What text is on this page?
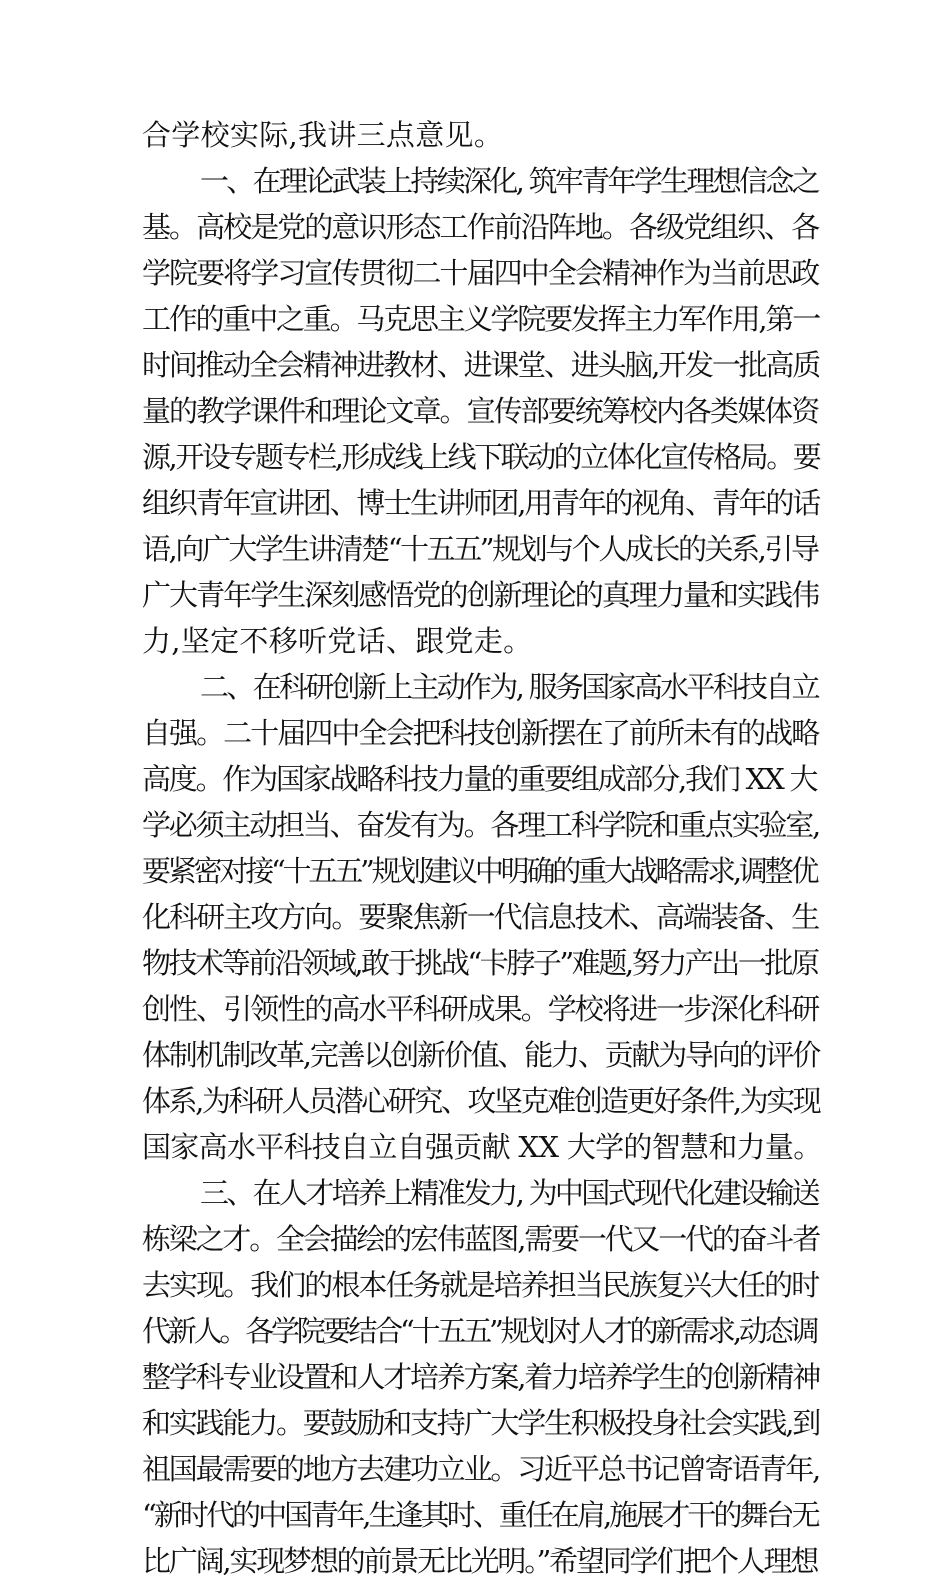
合学校实际,我讲三点意见。
一、在理论武装上持续深化, 筑牢青年学生理想信念之
基。高校是党的意识形态工作前沿阵地。各级党组织、各
学院要将学习宣传贯彻二十届四中全会精神作为当前思政
工作的重中之重。马克思主义学院要发挥主力军作用,第一
时间推动全会精神进教材、进课堂、进头脑,开发一批高质
量的教学课件和理论文章。宣传部要统筹校内各类媒体资
源,开设专题专栏,形成线上线下联动的立体化宣传格局。要
组织青年宣讲团、博士生讲师团,用青年的视角、青年的话
语,向广大学生讲清楚“十五五”规划与个人成长的关系,引导
广大青年学生深刻感悟党的创新理论的真理力量和实践伟
力,坚定不移听党话、跟党走。
二、在科研创新上主动作为, 服务国家高水平科技自立
自强。二十届四中全会把科技创新摆在了前所未有的战略
高度。作为国家战略科技力量的重要组成部分,我们 XX 大
学必须主动担当、奋发有为。各理工科学院和重点实验室,
要紧密对接“十五五”规划建议中明确的重大战略需求,调整优
化科研主攻方向。要聚焦新一代信息技术、高端装备、生
物技术等前沿领域,敢于挑战“卡脖子”难题,努力产出一批原
创性、引领性的高水平科研成果。学校将进一步深化科研
体制机制改革,完善以创新价值、能力、贡献为导向的评价
体系,为科研人员潜心研究、攻坚克难创造更好条件,为实现
国家高水平科技自立自强贡献 XX 大学的智慧和力量。
三、在人才培养上精准发力, 为中国式现代化建设输送
栋梁之才。全会描绘的宏伟蓝图,需要一代又一代的奋斗者
去实现。我们的根本任务就是培养担当民族复兴大任的时
代新人。各学院要结合“十五五”规划对人才的新需求,动态调
整学科专业设置和人才培养方案,着力培养学生的创新精神
和实践能力。要鼓励和支持广大学生积极投身社会实践,到
祖国最需要的地方去建功立业。习近平总书记曾寄语青年,
“新时代的中国青年,生逢其时、重任在肩,施展才干的舞台无
比广阔,实现梦想的前景无比光明。”希望同学们把个人理想
